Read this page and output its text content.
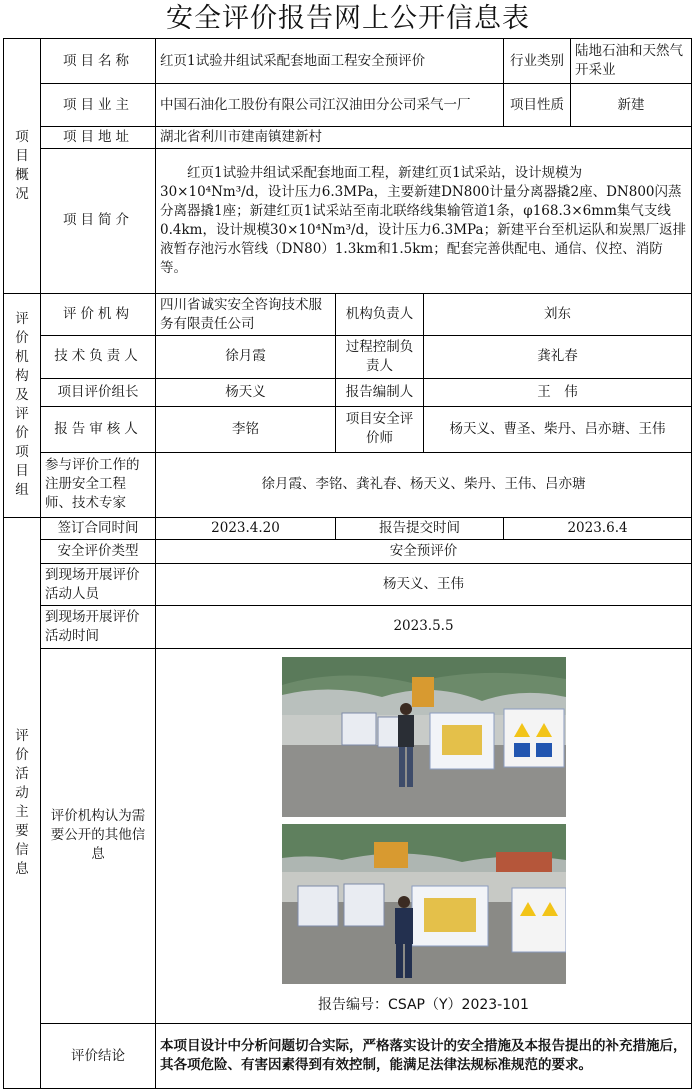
安全评价报告网上公开信息表
项目概况	项目名称	红页1试验井组试采配套地面工程安全预评价			行业类别	陆地石油和天然气开采业
	项目业主	中国石油化工股份有限公司江汉油田分公司采气一厂			项目性质	新建
	项目地址	湖北省利川市建南镇建新村				
	项目简介	红页1试验井组试采配套地面工程，新建红页1试采站，设计规模为30×10⁴Nm³/d，设计压力6.3MPa，主要新建DN800计量分离器撬2座、DN800闪蒸分离器撬1座；新建红页1试采站至南北联络线集输管道1条，φ168.3×6mm集气支线0.4km，设计规模30×10⁴Nm³/d，设计压力6.3MPa；新建平台至机运队和炭黑厂返排液暂存池污水管线（DN80）1.3km和1.5km；配套完善供配电、通信、仪控、消防等。				
评价机构及评价项目组	评价机构	四川省诚实安全咨询技术服务有限责任公司	机构负责人	刘东		
	技术负责人	徐月霞	过程控制负责人	龚礼春		
	项目评价组长	杨天义	报告编制人	王　伟		
	报告审核人	李铭	项目安全评价师	杨天义、曹圣、柴丹、吕亦瑭、王伟		
	参与评价工作的注册安全工程师、技术专家	徐月霞、李铭、龚礼春、杨天义、柴丹、王伟、吕亦瑭				
评价活动主要信息	签订合同时间	2023.4.20	报告提交时间		2023.6.4	
	安全评价类型	安全预评价				
	到现场开展评价活动人员	杨天义、王伟				
	到现场开展评价活动时间	2023.5.5				
	评价机构认为需要公开的其他信息	报告编号：CSAP（Y）2023-101				

	评价结论	本项目设计中分析问题切合实际，严格落实设计的安全措施及本报告提出的补充措施后，其各项危险、有害因素得到有效控制，能满足法律法规标准规范的要求。				
